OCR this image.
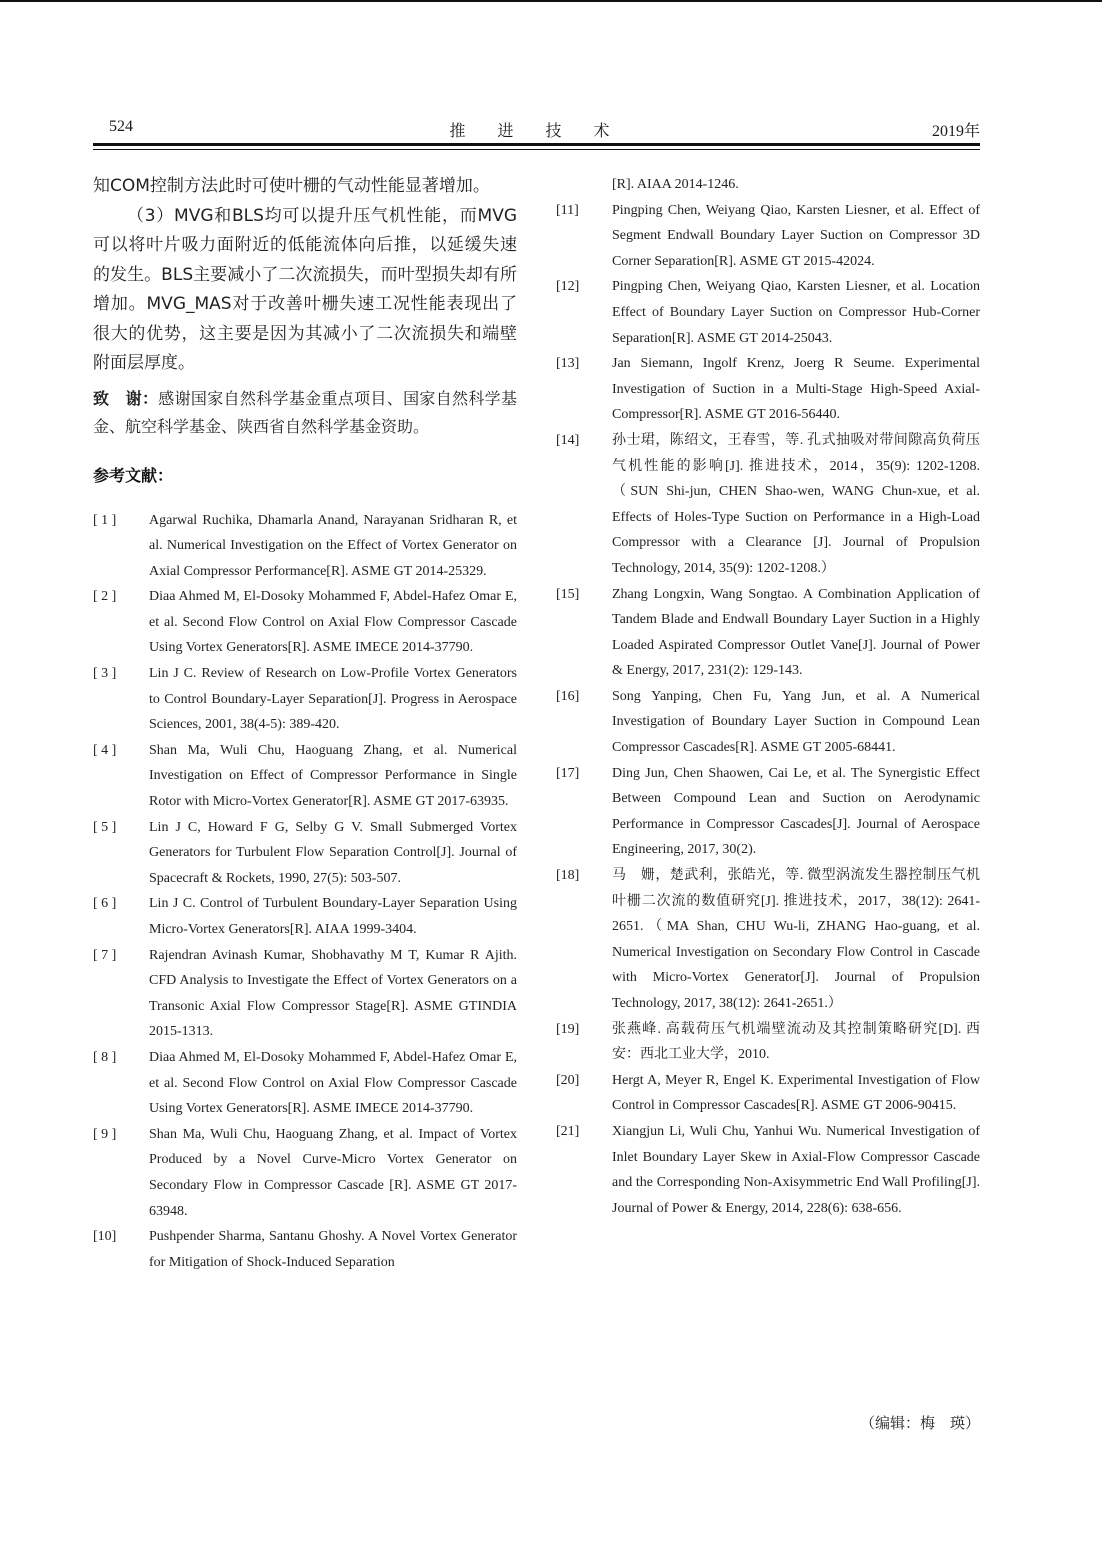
524	推 进 技 术	2019年

知COM控制方法此时可使叶栅的气动性能显著增加。

（3）MVG和BLS均可以提升压气机性能，而MVG可以将叶片吸力面附近的低能流体向后推，以延缓失速的发生。BLS主要减小了二次流损失，而叶型损失却有所增加。MVG_MAS对于改善叶栅失速工况性能表现出了很大的优势，这主要是因为其减小了二次流损失和端壁附面层厚度。

致　谢：感谢国家自然科学基金重点项目、国家自然科学基金、航空科学基金、陕西省自然科学基金资助。

参考文献：

[ 1 ]	Agarwal Ruchika, Dhamarla Anand, Narayanan Sridharan R, et al. Numerical Investigation on the Effect of Vortex Generator on Axial Compressor Performance[R]. ASME GT 2014-25329.

[ 2 ]	Diaa Ahmed M, El-Dosoky Mohammed F, Abdel-Hafez Omar E, et al. Second Flow Control on Axial Flow Compressor Cascade Using Vortex Generators[R]. ASME IMECE 2014-37790.

[ 3 ]	Lin J C. Review of Research on Low-Profile Vortex Generators to Control Boundary-Layer Separation[J]. Progress in Aerospace Sciences, 2001, 38(4-5): 389-420.

[ 4 ]	Shan Ma, Wuli Chu, Haoguang Zhang, et al. Numerical Investigation on Effect of Compressor Performance in Single Rotor with Micro-Vortex Generator[R]. ASME GT 2017-63935.

[ 5 ]	Lin J C, Howard F G, Selby G V. Small Submerged Vortex Generators for Turbulent Flow Separation Control[J]. Journal of Spacecraft & Rockets, 1990, 27(5): 503-507.

[ 6 ]	Lin J C. Control of Turbulent Boundary-Layer Separation Using Micro-Vortex Generators[R]. AIAA 1999-3404.

[ 7 ]	Rajendran Avinash Kumar, Shobhavathy M T, Kumar R Ajith. CFD Analysis to Investigate the Effect of Vortex Generators on a Transonic Axial Flow Compressor Stage[R]. ASME GTINDIA 2015-1313.

[ 8 ]	Diaa Ahmed M, El-Dosoky Mohammed F, Abdel-Hafez Omar E, et al. Second Flow Control on Axial Flow Compressor Cascade Using Vortex Generators[R]. ASME IMECE 2014-37790.

[ 9 ]	Shan Ma, Wuli Chu, Haoguang Zhang, et al. Impact of Vortex Produced by a Novel Curve-Micro Vortex Generator on Secondary Flow in Compressor Cascade [R]. ASME GT 2017-63948.

[10]	Pushpender Sharma, Santanu Ghoshy. A Novel Vortex Generator for Mitigation of Shock-Induced Separation

[R]. AIAA 2014-1246.

[11]	Pingping Chen, Weiyang Qiao, Karsten Liesner, et al. Effect of Segment Endwall Boundary Layer Suction on Compressor 3D Corner Separation[R]. ASME GT 2015-42024.

[12]	Pingping Chen, Weiyang Qiao, Karsten Liesner, et al. Location Effect of Boundary Layer Suction on Compressor Hub-Corner Separation[R]. ASME GT 2014-25043.

[13]	Jan Siemann, Ingolf Krenz, Joerg R Seume. Experimental Investigation of Suction in a Multi-Stage High-Speed Axial-Compressor[R]. ASME GT 2016-56440.

[14]	孙士珺，陈绍文，王春雪，等. 孔式抽吸对带间隙高负荷压气机性能的影响[J]. 推进技术，2014，35(9): 1202-1208.（SUN Shi-jun, CHEN Shao-wen, WANG Chun-xue, et al. Effects of Holes-Type Suction on Performance in a High-Load Compressor with a Clearance [J]. Journal of Propulsion Technology, 2014, 35(9): 1202-1208.）

[15]	Zhang Longxin, Wang Songtao. A Combination Application of Tandem Blade and Endwall Boundary Layer Suction in a Highly Loaded Aspirated Compressor Outlet Vane[J]. Journal of Power & Energy, 2017, 231(2): 129-143.

[16]	Song Yanping, Chen Fu, Yang Jun, et al. A Numerical Investigation of Boundary Layer Suction in Compound Lean Compressor Cascades[R]. ASME GT 2005-68441.

[17]	Ding Jun, Chen Shaowen, Cai Le, et al. The Synergistic Effect Between Compound Lean and Suction on Aerodynamic Performance in Compressor Cascades[J]. Journal of Aerospace Engineering, 2017, 30(2).

[18]	马　姗，楚武利，张皓光，等. 微型涡流发生器控制压气机叶栅二次流的数值研究[J]. 推进技术，2017，38(12): 2641-2651.（MA Shan, CHU Wu-li, ZHANG Hao-guang, et al. Numerical Investigation on Secondary Flow Control in Cascade with Micro-Vortex Generator[J]. Journal of Propulsion Technology, 2017, 38(12): 2641-2651.）

[19]	张燕峰. 高载荷压气机端壁流动及其控制策略研究[D]. 西安：西北工业大学，2010.

[20]	Hergt A, Meyer R, Engel K. Experimental Investigation of Flow Control in Compressor Cascades[R]. ASME GT 2006-90415.

[21]	Xiangjun Li, Wuli Chu, Yanhui Wu. Numerical Investigation of Inlet Boundary Layer Skew in Axial-Flow Compressor Cascade and the Corresponding Non-Axisymmetric End Wall Profiling[J]. Journal of Power & Energy, 2014, 228(6): 638-656.

（编辑：梅　瑛）
